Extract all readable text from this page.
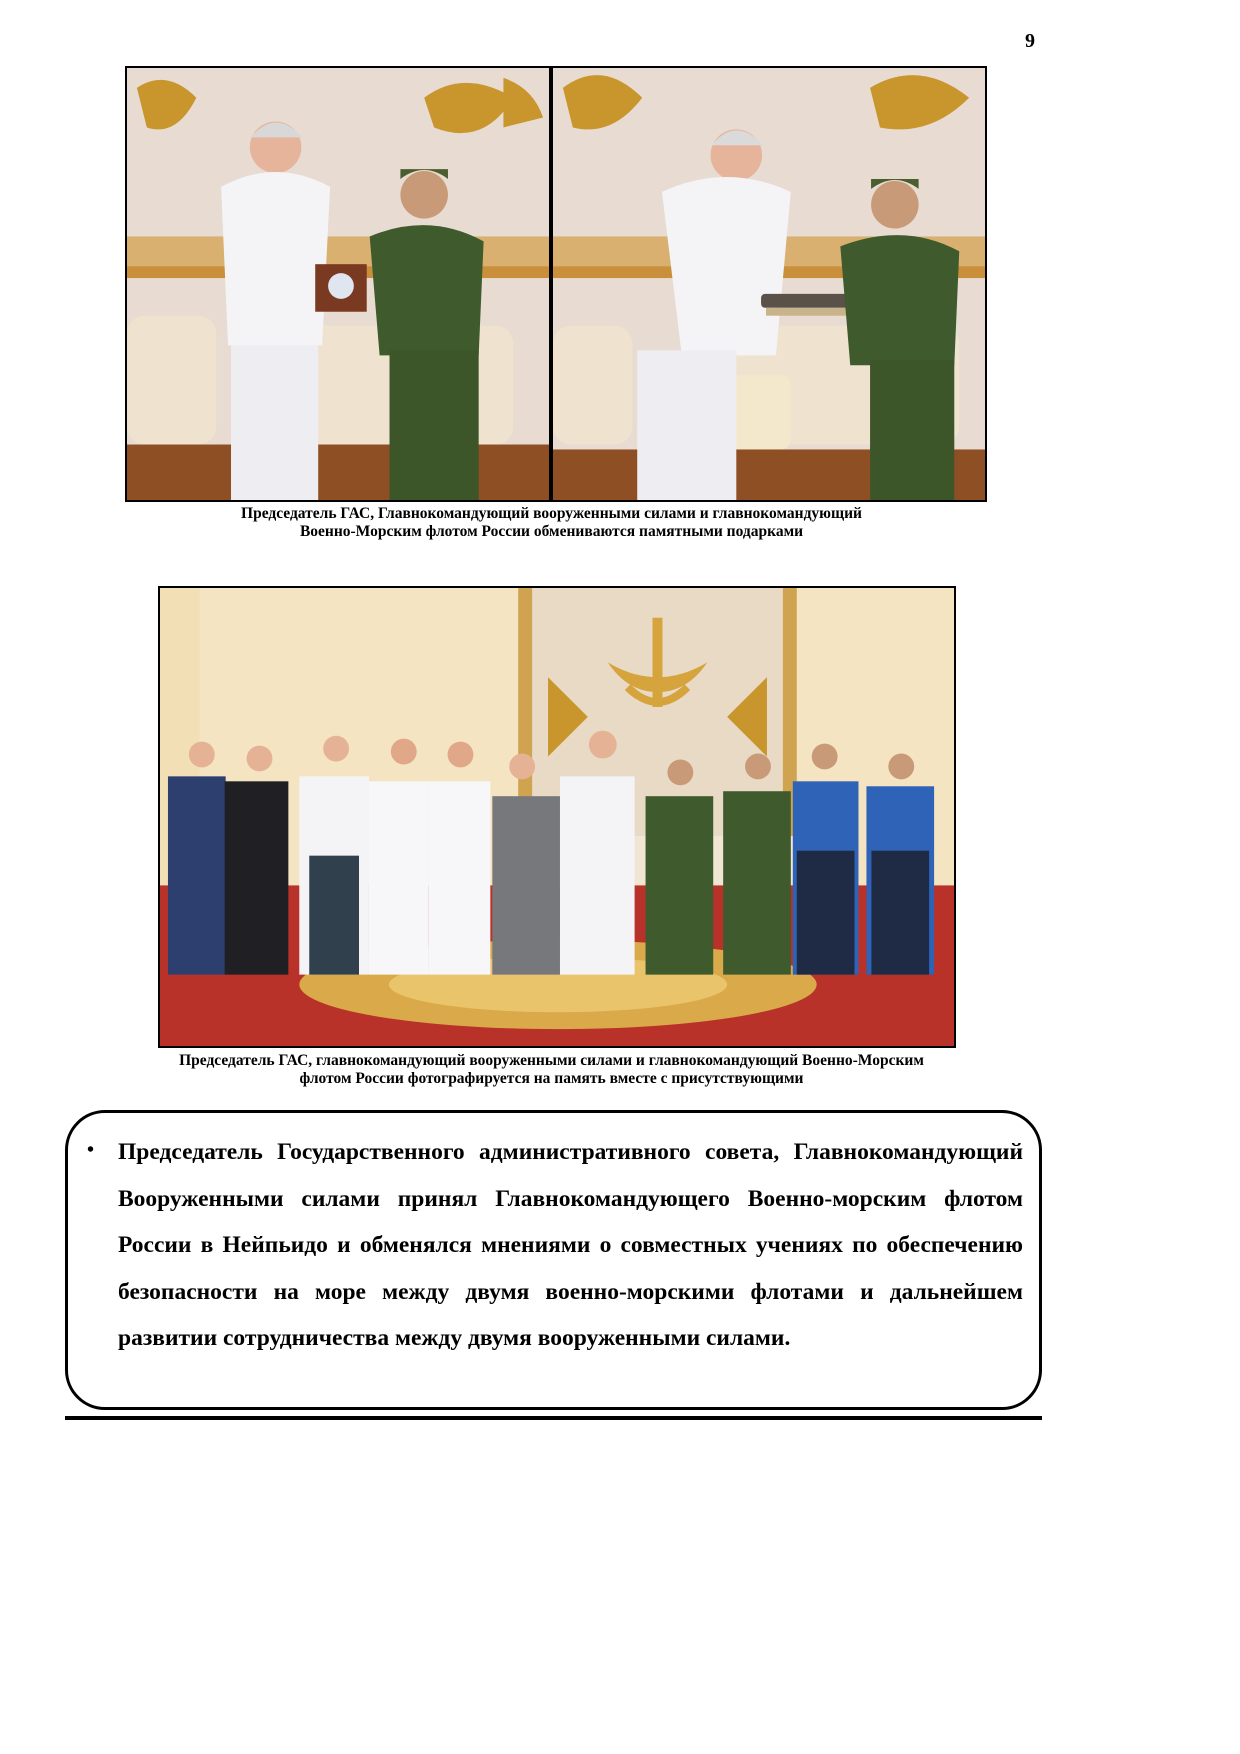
9
Председатель ГАС, Главнокомандующий вооруженными силами и главнокомандующий
Военно-Морским флотом России обмениваются памятными подарками
Председатель ГАС, главнокомандующий вооруженными силами и главнокомандующий Военно-Морским
флотом России фотографируется на память вместе с присутствующими
• Председатель Государственного административного совета, Главнокомандующий Вооруженными силами принял Главнокомандующего Военно-морским флотом России в Нейпьидо и обменялся мнениями о совместных учениях по обеспечению безопасности на море между двумя военно-морскими флотами и дальнейшем развитии сотрудничества между двумя вооруженными силами.
